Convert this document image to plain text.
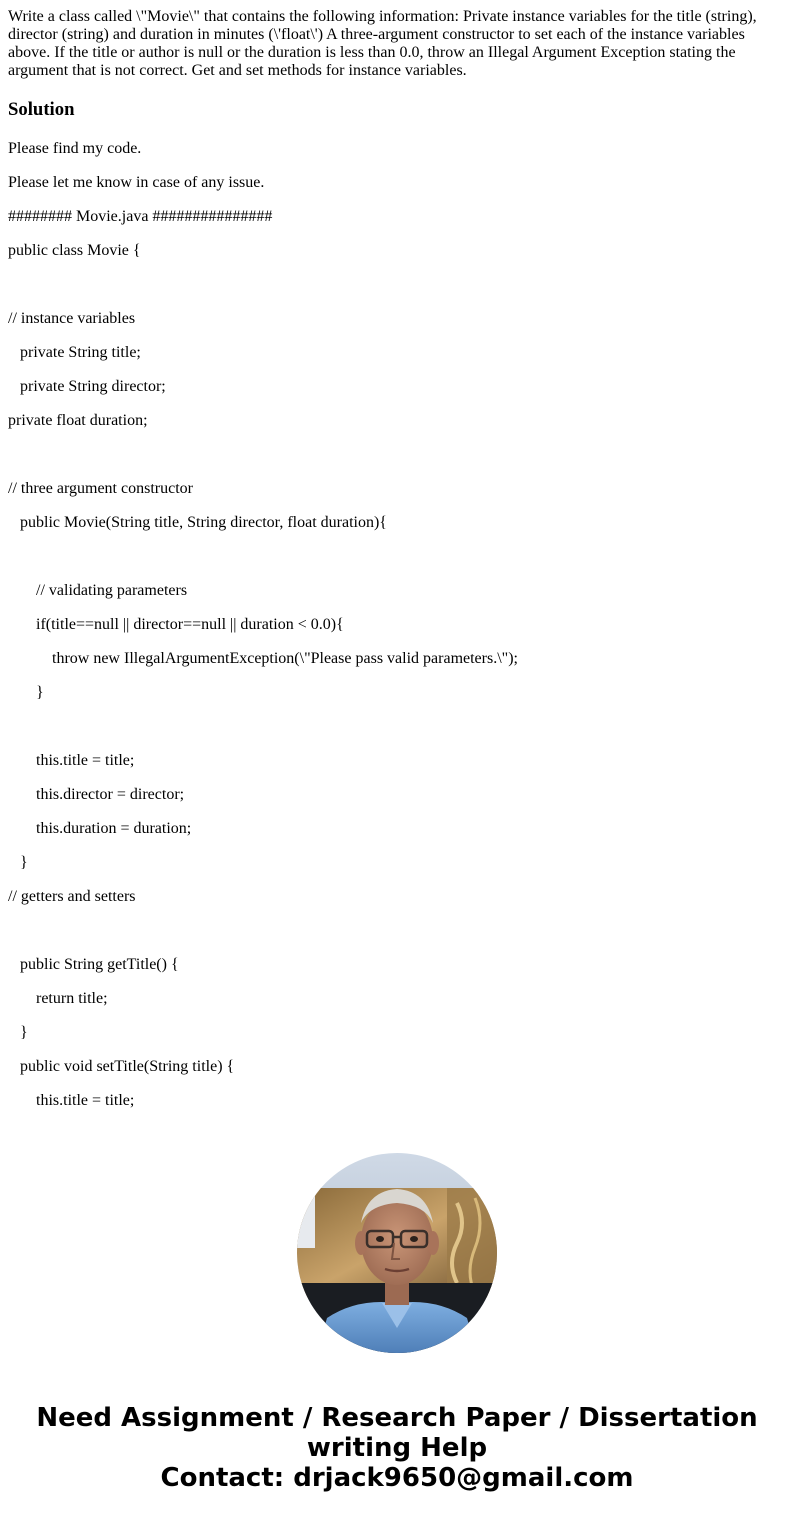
Write a class called \"Movie\" that contains the following information: Private instance variables for the title (string), director (string) and duration in minutes (\'float\') A three-argument constructor to set each of the instance variables above. If the title or author is null or the duration is less than 0.0, throw an Illegal Argument Exception stating the argument that is not correct. Get and set methods for instance variables.

Solution
Please find my code.
Please let me know in case of any issue.
######## Movie.java ###############
public class Movie {
// instance variables
private String title;
private String director;
private float duration;
// three argument constructor
public Movie(String title, String director, float duration){
// validating parameters
if(title==null || director==null || duration < 0.0){
throw new IllegalArgumentException(\"Please pass valid parameters.\");
}
this.title = title;
this.director = director;
this.duration = duration;
}
// getters and setters
public String getTitle() {
return title;
}
public void setTitle(String title) {
this.title = title;
Need Assignment / Research Paper / Dissertation
writing Help
Contact: drjack9650@gmail.com
